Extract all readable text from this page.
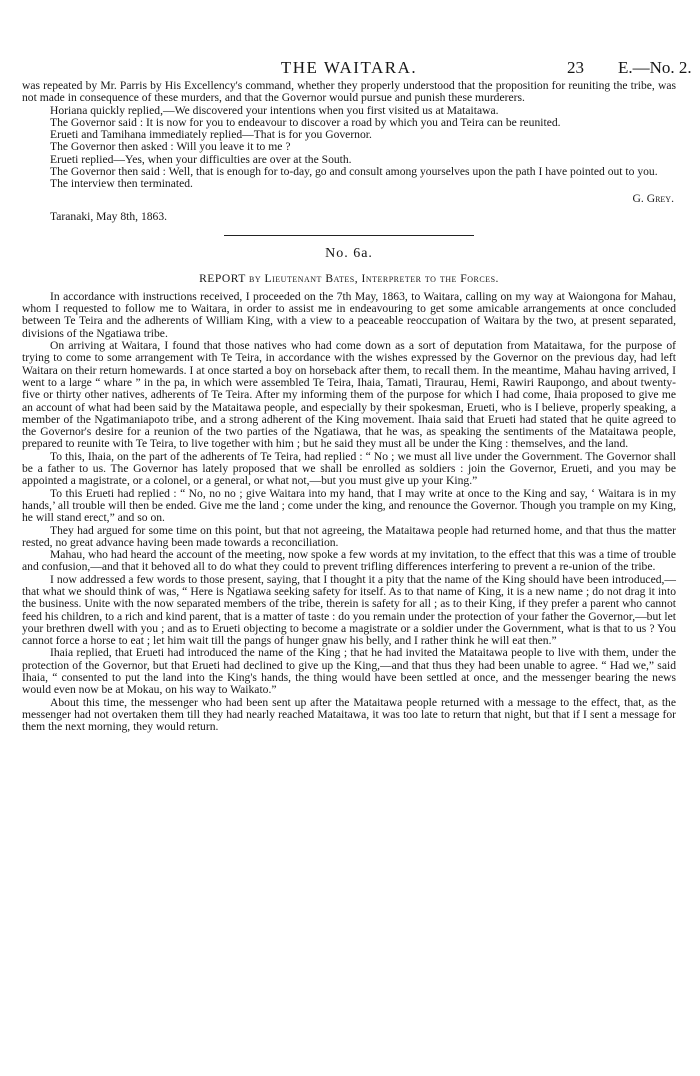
THE WAITARA.	23 E.—No. 2.

was repeated by Mr. Parris by His Excellency's command, whether they properly understood that the proposition for reuniting the tribe, was not made in consequence of these murders, and that the Governor would pursue and punish these murderers.

Horiana quickly replied,—We discovered your intentions when you first visited us at Mataitawa.

The Governor said : It is now for you to endeavour to discover a road by which you and Teira can be reunited.

Erueti and Tamihana immediately replied—That is for you Governor.

The Governor then asked : Will you leave it to me ?

Erueti replied—Yes, when your difficulties are over at the South.

The Governor then said : Well, that is enough for to-day, go and consult among yourselves upon the path I have pointed out to you.

The interview then terminated.

G. Grey.

Taranaki, May 8th, 1863.

No. 6a.
REPORT by Lieutenant Bates, Interpreter to the Forces.

In accordance with instructions received, I proceeded on the 7th May, 1863, to Waitara, calling on my way at Waiongona for Mahau, whom I requested to follow me to Waitara, in order to assist me in endeavouring to get some amicable arrangements at once concluded between Te Teira and the adherents of William King, with a view to a peaceable reoccupation of Waitara by the two, at present separated, divisions of the Ngatiawa tribe.

On arriving at Waitara, I found that those natives who had come down as a sort of deputation from Mataitawa, for the purpose of trying to come to some arrangement with Te Teira, in accordance with the wishes expressed by the Governor on the previous day, had left Waitara on their return homewards. I at once started a boy on horseback after them, to recall them. In the meantime, Mahau having arrived, I went to a large “ whare ” in the pa, in which were assembled Te Teira, Ihaia, Tamati, Tiraurau, Hemi, Rawiri Raupongo, and about twenty-five or thirty other natives, adherents of Te Teira. After my informing them of the purpose for which I had come, Ihaia proposed to give me an account of what had been said by the Mataitawa people, and especially by their spokesman, Erueti, who is I believe, properly speaking, a member of the Ngatimaniapoto tribe, and a strong adherent of the King movement. Ihaia said that Erueti had stated that he quite agreed to the Governor's desire for a reunion of the two parties of the Ngatiawa, that he was, as speaking the sentiments of the Mataitawa people, prepared to reunite with Te Teira, to live together with him ; but he said they must all be under the King : themselves, and the land.

To this, Ihaia, on the part of the adherents of Te Teira, had replied : “ No ; we must all live under the Government. The Governor shall be a father to us. The Governor has lately proposed that we shall be enrolled as soldiers : join the Governor, Erueti, and you may be appointed a magistrate, or a colonel, or a general, or what not,—but you must give up your King.”

To this Erueti had replied : “ No, no no ; give Waitara into my hand, that I may write at once to the King and say, ‘ Waitara is in my hands,’ all trouble will then be ended. Give me the land ; come under the king, and renounce the Governor. Though you trample on my King, he will stand erect,” and so on.

They had argued for some time on this point, but that not agreeing, the Mataitawa people had returned home, and that thus the matter rested, no great advance having been made towards a reconciliation.

Mahau, who had heard the account of the meeting, now spoke a few words at my invitation, to the effect that this was a time of trouble and confusion,—and that it behoved all to do what they could to prevent trifling differences interfering to prevent a re-union of the tribe.

I now addressed a few words to those present, saying, that I thought it a pity that the name of the King should have been introduced,—that what we should think of was, “ Here is Ngatiawa seeking safety for itself. As to that name of King, it is a new name ; do not drag it into the business. Unite with the now separated members of the tribe, therein is safety for all ; as to their King, if they prefer a parent who cannot feed his children, to a rich and kind parent, that is a matter of taste : do you remain under the protection of your father the Governor,—but let your brethren dwell with you ; and as to Erueti objecting to become a magistrate or a soldier under the Government, what is that to us ? You cannot force a horse to eat ; let him wait till the pangs of hunger gnaw his belly, and I rather think he will eat then.”

Ihaia replied, that Erueti had introduced the name of the King ; that he had invited the Mataitawa people to live with them, under the protection of the Governor, but that Erueti had declined to give up the King,—and that thus they had been unable to agree. “ Had we,” said Ihaia, “ consented to put the land into the King's hands, the thing would have been settled at once, and the messenger bearing the news would even now be at Mokau, on his way to Waikato.”

About this time, the messenger who had been sent up after the Mataitawa people returned with a message to the effect, that, as the messenger had not overtaken them till they had nearly reached Mataitawa, it was too late to return that night, but that if I sent a message for them the next morning, they would return.
